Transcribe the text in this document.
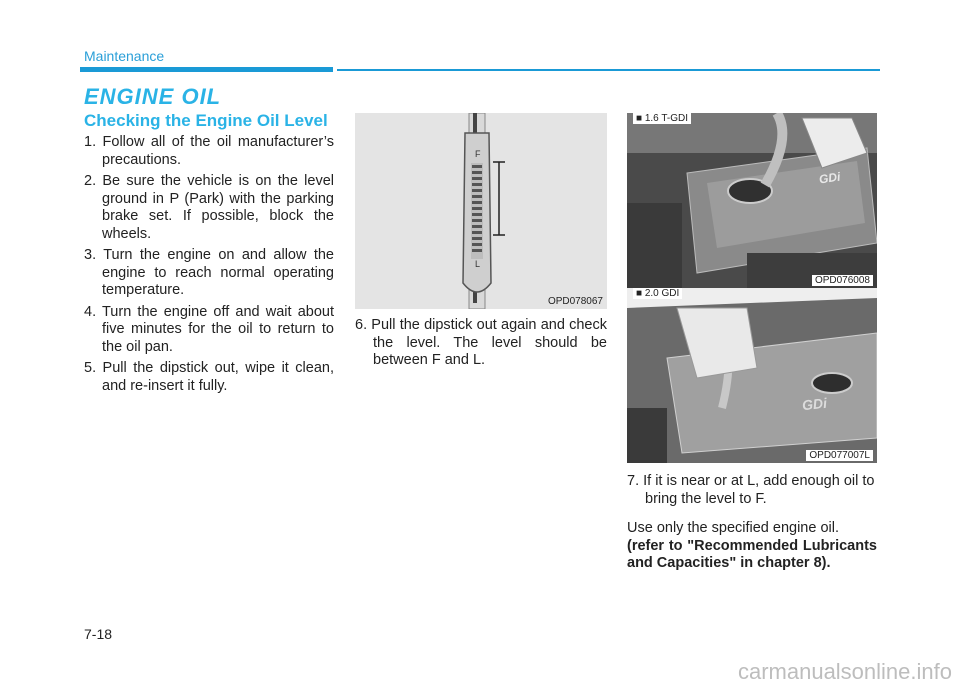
Maintenance
ENGINE OIL
Checking the Engine Oil Level
1. Follow all of the oil manufacturer’s precautions.
2. Be sure the vehicle is on the level ground in P (Park) with the parking brake set. If possible, block the wheels.
3. Turn the engine on and allow the engine to reach normal operating temperature.
4. Turn the engine off and wait about five minutes for the oil to return to the oil pan.
5. Pull the dipstick out, wipe it clean, and re-insert it fully.
F
L
OPD078067
6. Pull the dipstick out again and check the level. The level should be between F and L.
GDi
■ 1.6 T-GDI
OPD076008
GDi
■ 2.0 GDI
OPD077007L
7. If it is near or at L, add enough oil to bring the level to F.
Use only the specified engine oil.
(refer to "Recommended Lubricants and Capacities" in chapter 8).
7-18
carmanualsonline.info
